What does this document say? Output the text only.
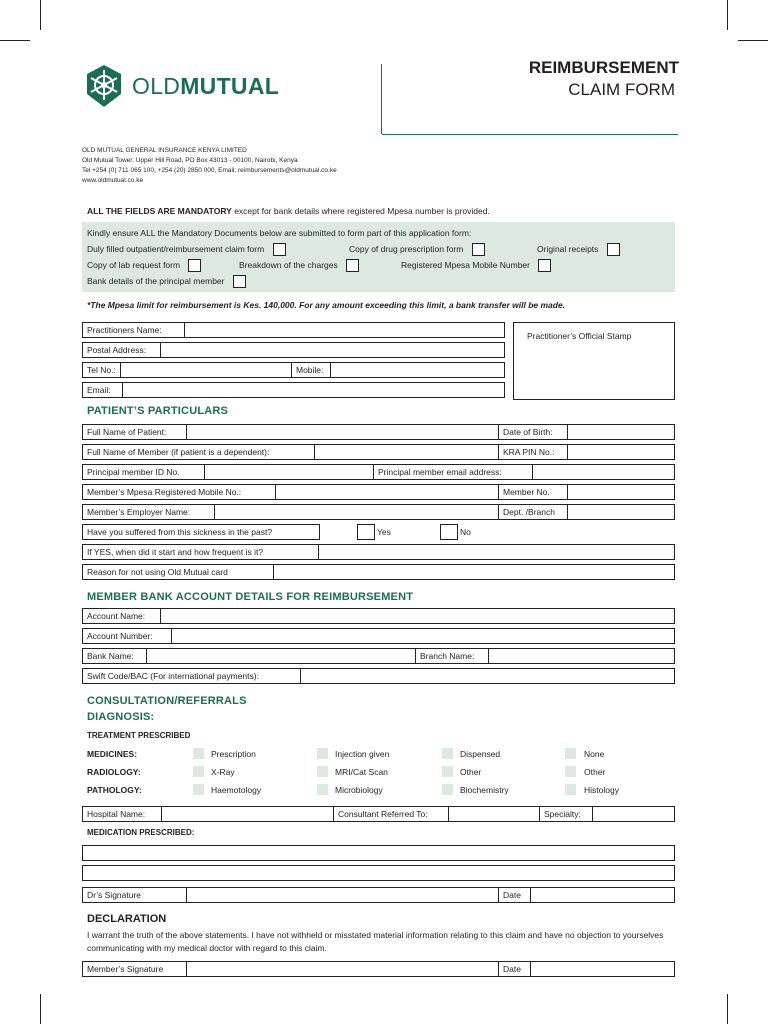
OLDMUTUAL
REIMBURSEMENT
CLAIM FORM
OLD MUTUAL GENERAL INSURANCE KENYA LIMITED
Old Mutual Tower, Upper Hill Road, PO Box 43013 - 00100, Nairobi, Kenya
Tel +254 (0) 711 065 100, +254 (20) 2850 000, Email: reimbursements@oldmutual.co.ke
www.oldmutual.co.ke
ALL THE FIELDS ARE MANDATORY except for bank details where registered Mpesa number is provided.
Kindly ensure ALL the Mandatory Documents below are submitted to form part of this application form:
Duly filled outpatient/reimbursement claim form	Copy of drug prescription form	Original receipts
Copy of lab request form	Breakdown of the charges	Registered Mpesa Mobile Number
Bank details of the principal member
*The Mpesa limit for reimbursement is Kes. 140,000. For any amount exceeding this limit, a bank transfer will be made.
Practitioners Name:
Postal Address:
Tel No.:	Mobile:
Email:
Practitioner’s Official Stamp
PATIENT’S PARTICULARS
Full Name of Patient:	Date of Birth:
Full Name of Member (if patient is a dependent):	KRA PIN No.:
Principal member ID No.	Principal member email address:
Member’s Mpesa Registered Mobile No.:	Member No.
Member’s Employer Name:	Dept. /Branch
Have you suffered from this sickness in the past?	Yes	No
If YES, when did it start and how frequent is it?
Reason for not using Old Mutual card
MEMBER BANK ACCOUNT DETAILS FOR REIMBURSEMENT
Account Name:
Account Number:
Bank Name:	Branch Name:
Swift Code/BAC (For international payments):
CONSULTATION/REFERRALS
DIAGNOSIS:
TREATMENT PRESCRIBED
MEDICINES:	Prescription	Injection given	Dispensed	None
RADIOLOGY:	X-Ray	MRI/Cat Scan	Other	Other
PATHOLOGY:	Haemotology	Microbiology	Biochemistry	Histology
Hospital Name:	Consultant Referred To:	Specialty:
MEDICATION PRESCRIBED:
Dr’s Signature	Date
DECLARATION
I warrant the truth of the above statements. I have not withheld or misstated material information relating to this claim and have no objection to yourselves communicating with my medical doctor with regard to this claim.
Member’s Signature	Date
